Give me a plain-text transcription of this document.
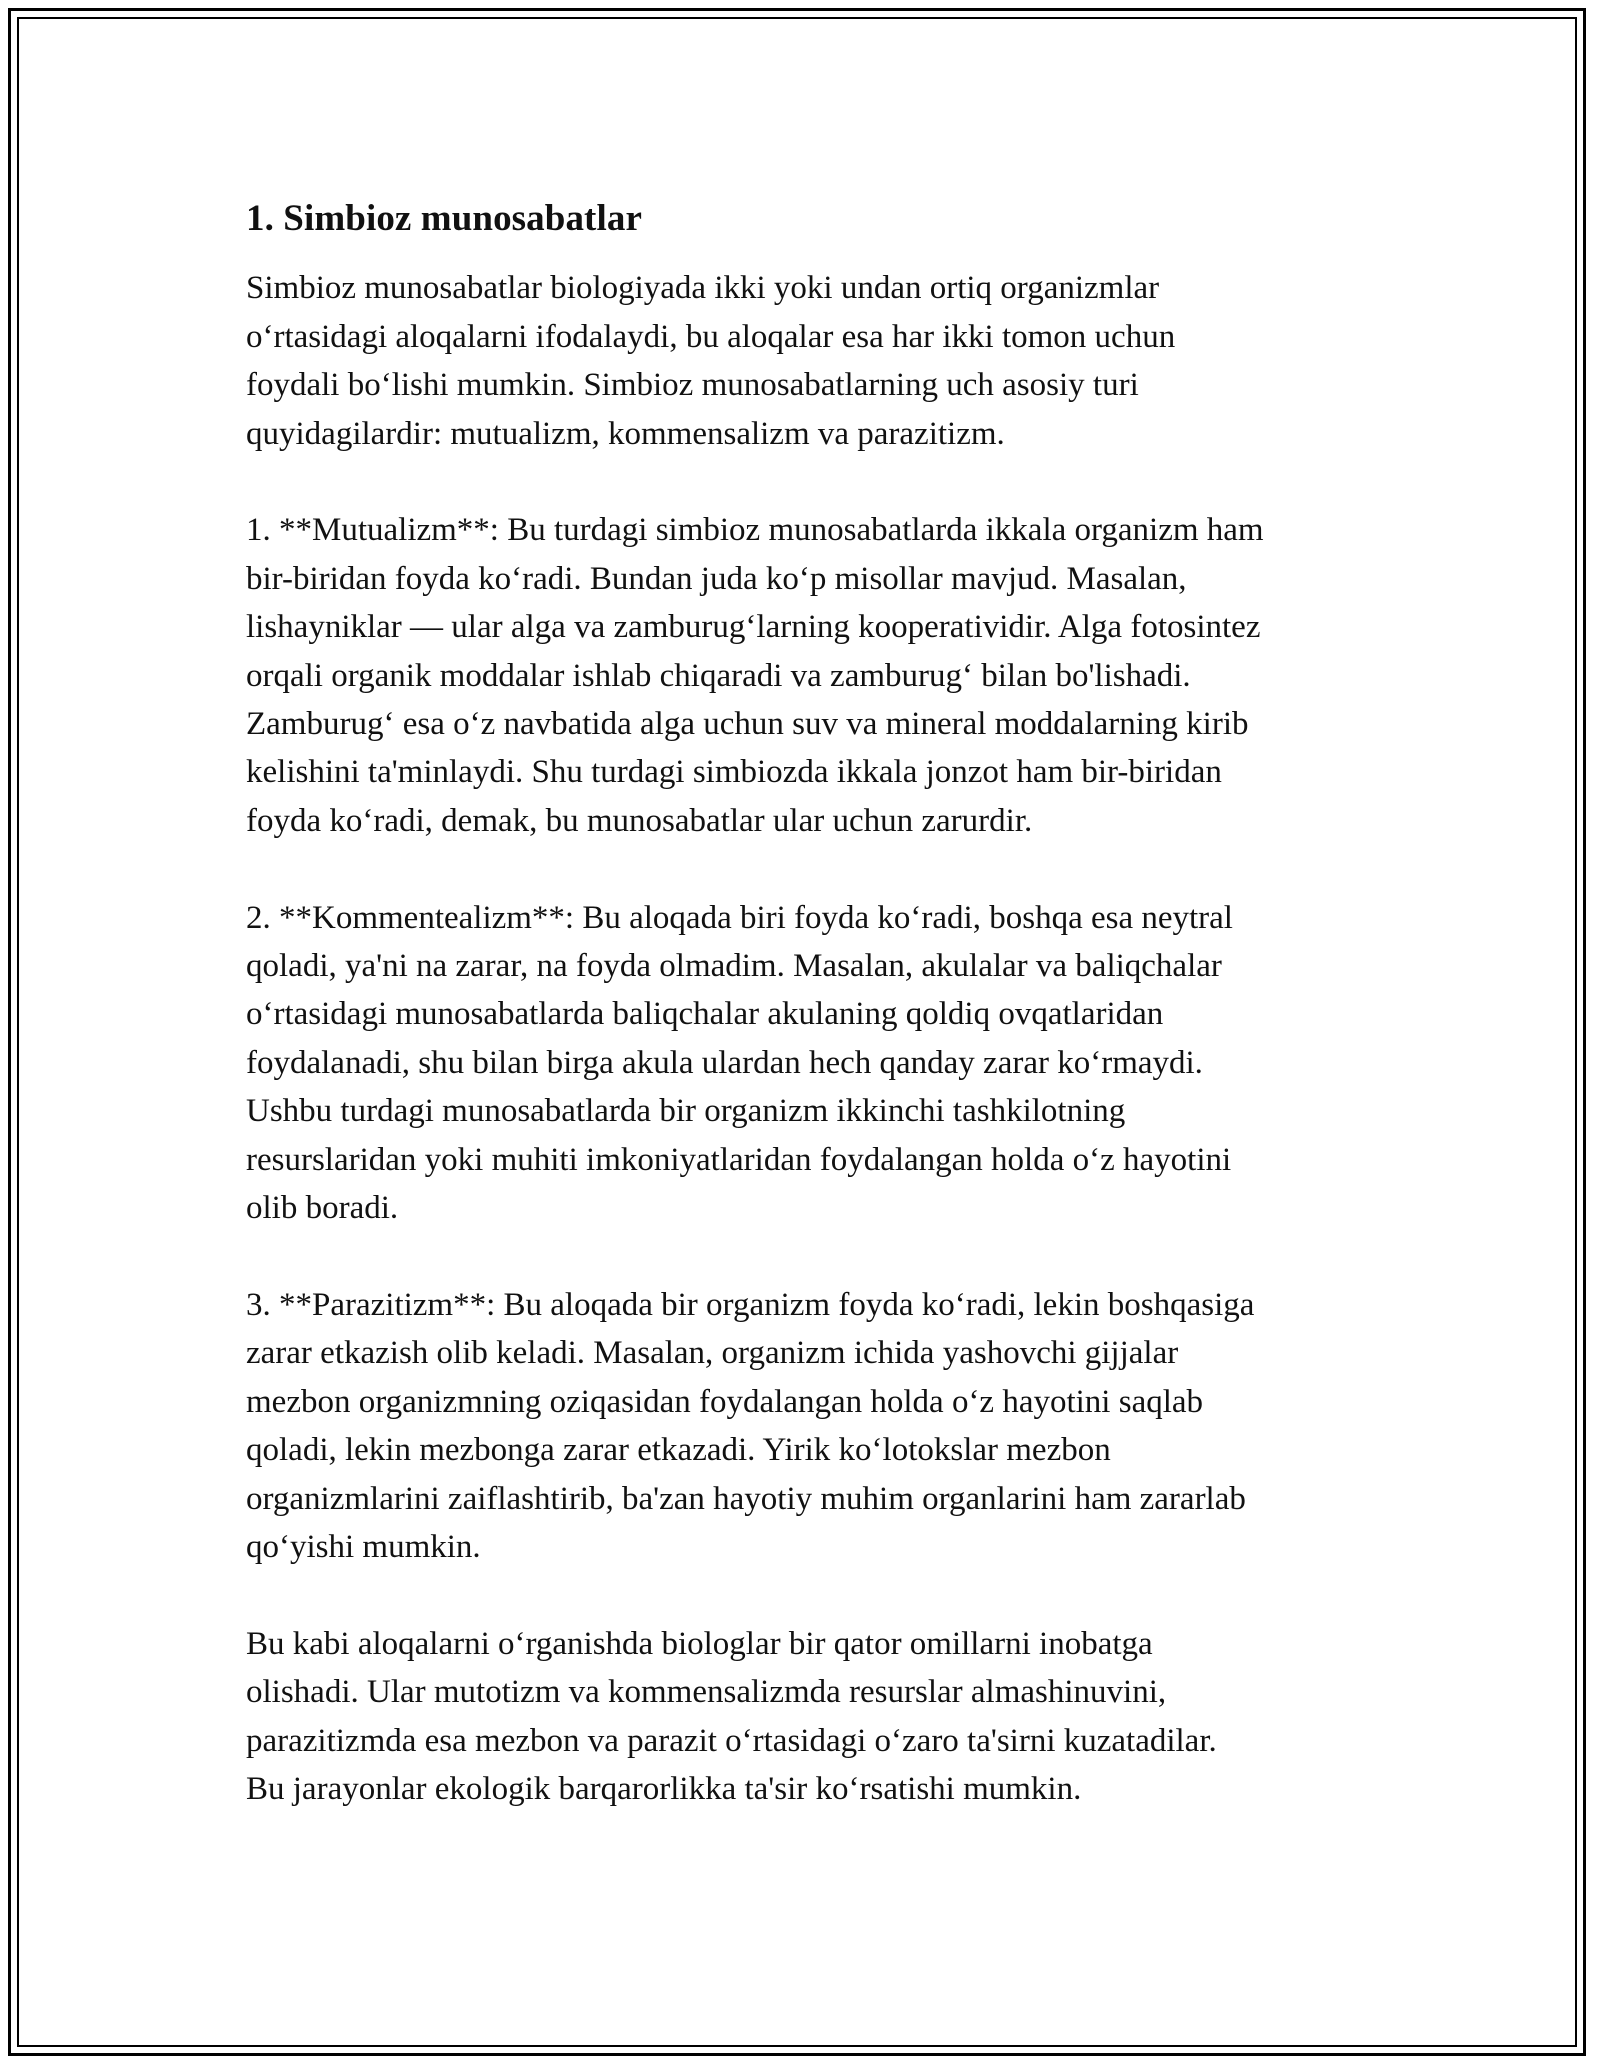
1. Simbioz munosabatlar

Simbioz munosabatlar biologiyada ikki yoki undan ortiq organizmlar
o‘rtasidagi aloqalarni ifodalaydi, bu aloqalar esa har ikki tomon uchun
foydali bo‘lishi mumkin. Simbioz munosabatlarning uch asosiy turi
quyidagilardir: mutualizm, kommensalizm va parazitizm.

1. **Mutualizm**: Bu turdagi simbioz munosabatlarda ikkala organizm ham
bir-biridan foyda ko‘radi. Bundan juda ko‘p misollar mavjud. Masalan,
lishayniklar — ular alga va zamburug‘larning kooperatividir. Alga fotosintez
orqali organik moddalar ishlab chiqaradi va zamburug‘ bilan bo'lishadi.
Zamburug‘ esa o‘z navbatida alga uchun suv va mineral moddalarning kirib
kelishini ta'minlaydi. Shu turdagi simbiozda ikkala jonzot ham bir-biridan
foyda ko‘radi, demak, bu munosabatlar ular uchun zarurdir.

2. **Kommentealizm**: Bu aloqada biri foyda ko‘radi, boshqa esa neytral
qoladi, ya'ni na zarar, na foyda olmadim. Masalan, akulalar va baliqchalar
o‘rtasidagi munosabatlarda baliqchalar akulaning qoldiq ovqatlaridan
foydalanadi, shu bilan birga akula ulardan hech qanday zarar ko‘rmaydi.
Ushbu turdagi munosabatlarda bir organizm ikkinchi tashkilotning
resurslaridan yoki muhiti imkoniyatlaridan foydalangan holda o‘z hayotini
olib boradi.

3. **Parazitizm**: Bu aloqada bir organizm foyda ko‘radi, lekin boshqasiga
zarar etkazish olib keladi. Masalan, organizm ichida yashovchi gijjalar
mezbon organizmning oziqasidan foydalangan holda o‘z hayotini saqlab
qoladi, lekin mezbonga zarar etkazadi. Yirik ko‘lotokslar mezbon
organizmlarini zaiflashtirib, ba'zan hayotiy muhim organlarini ham zararlab
qo‘yishi mumkin.

Bu kabi aloqalarni o‘rganishda biologlar bir qator omillarni inobatga
olishadi. Ular mutotizm va kommensalizmda resurslar almashinuvini,
parazitizmda esa mezbon va parazit o‘rtasidagi o‘zaro ta'sirni kuzatadilar.
Bu jarayonlar ekologik barqarorlikka ta'sir ko‘rsatishi mumkin.
